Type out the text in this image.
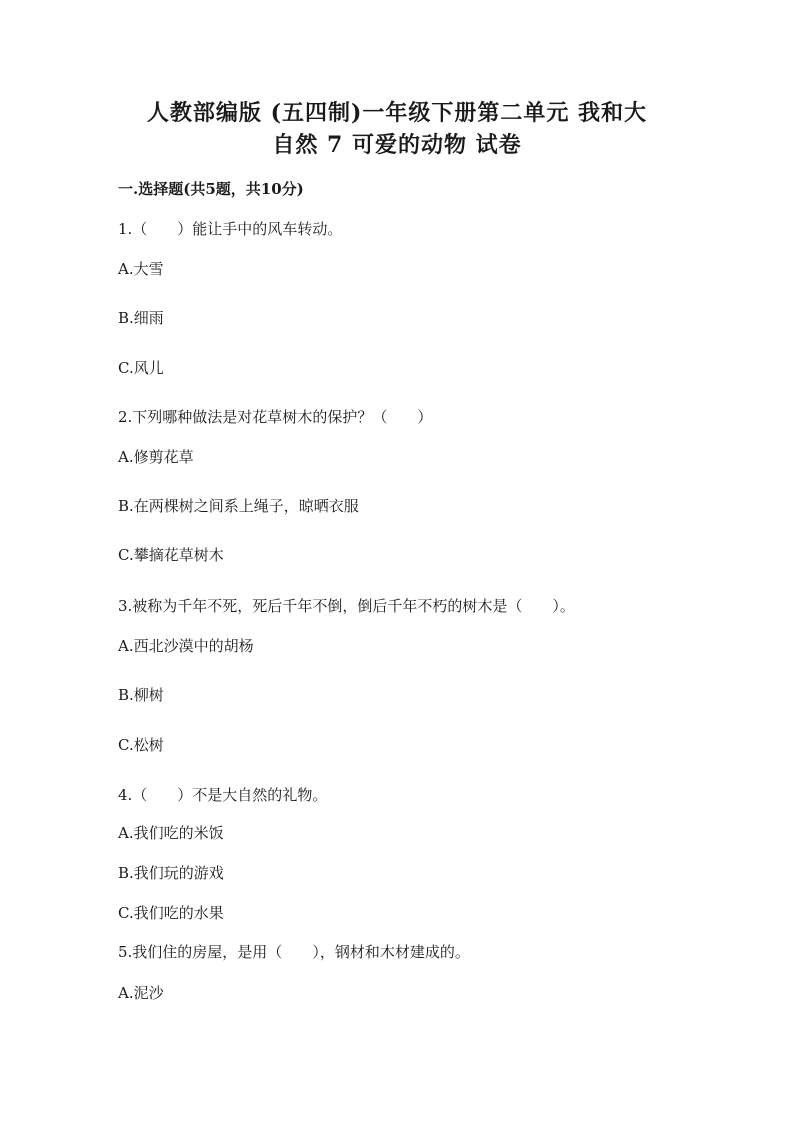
人教部编版 (五四制)一年级下册第二单元 我和大
自然 7 可爱的动物 试卷
一.选择题(共5题，共10分)
1.（　　）能让手中的风车转动。
A.大雪
B.细雨
C.风儿
2.下列哪种做法是对花草树木的保护？（　　）
A.修剪花草
B.在两棵树之间系上绳子，晾晒衣服
C.攀摘花草树木
3.被称为千年不死，死后千年不倒，倒后千年不朽的树木是（　　）。
A.西北沙漠中的胡杨
B.柳树
C.松树
4.（　　）不是大自然的礼物。
A.我们吃的米饭
B.我们玩的游戏
C.我们吃的水果
5.我们住的房屋，是用（　　），钢材和木材建成的。
A.泥沙
